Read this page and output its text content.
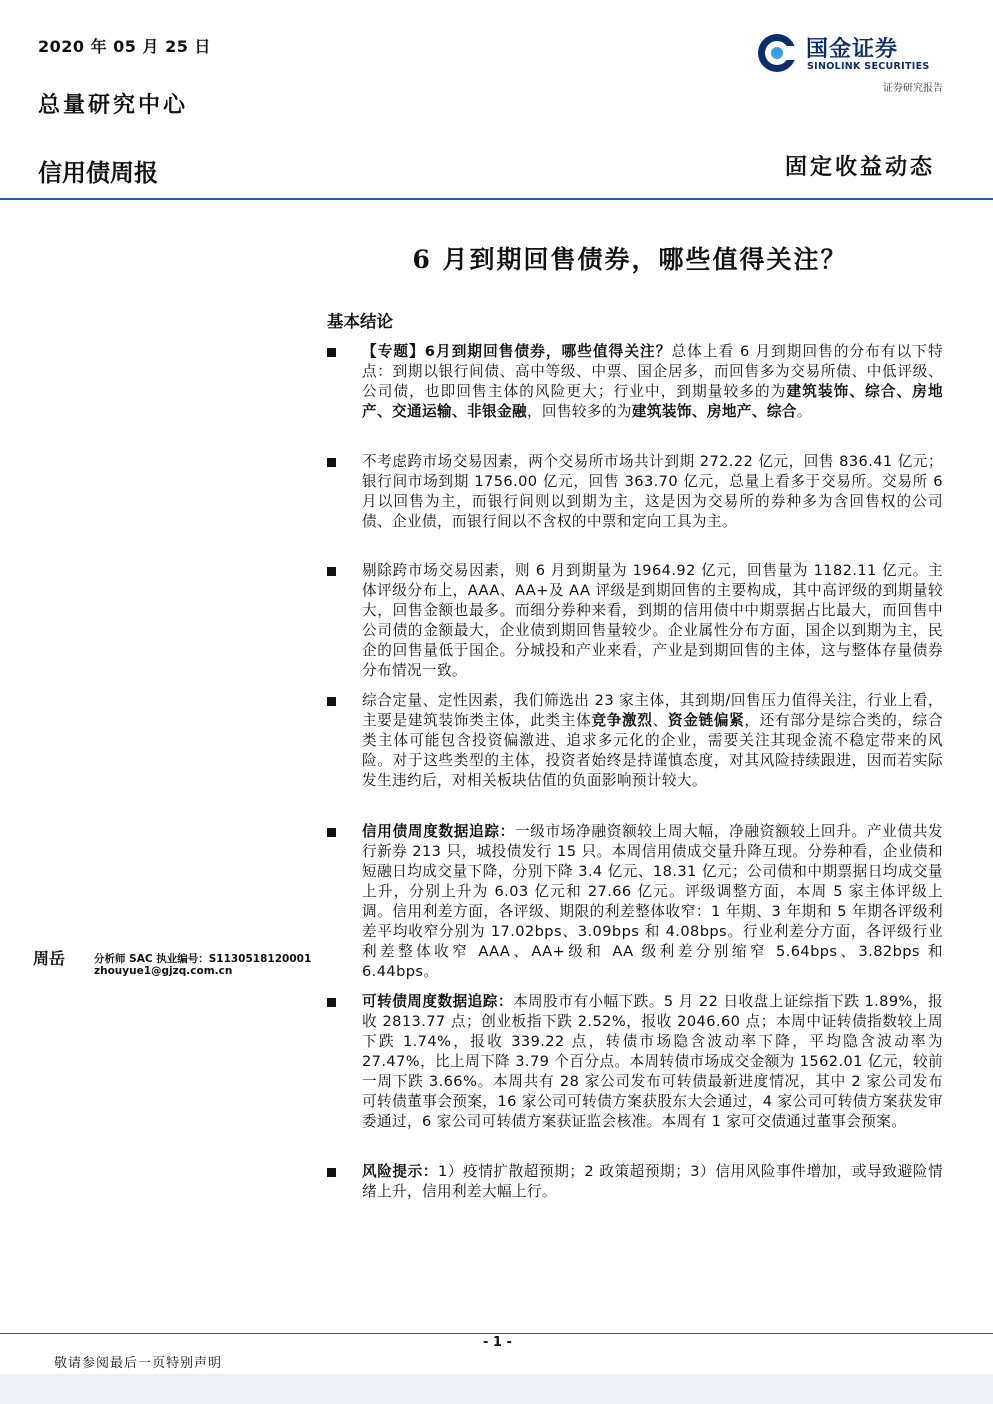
2020 年 05 月 25 日
总量研究中心
信用债周报	固定收益动态
国金证券
SINOLINK SECURITIES
证券研究报告
6 月到期回售债券，哪些值得关注？
基本结论
【专题】6月到期回售债券，哪些值得关注？总体上看 6 月到期回售的分布有以下特点：到期以银行间债、高中等级、中票、国企居多，而回售多为交易所债、中低评级、公司债，也即回售主体的风险更大；行业中，到期量较多的为建筑装饰、综合、房地产、交通运输、非银金融，回售较多的为建筑装饰、房地产、综合。
不考虑跨市场交易因素，两个交易所市场共计到期 272.22 亿元，回售 836.41 亿元；银行间市场到期 1756.00 亿元，回售 363.70 亿元，总量上看多于交易所。交易所 6 月以回售为主，而银行间则以到期为主，这是因为交易所的券种多为含回售权的公司债、企业债，而银行间以不含权的中票和定向工具为主。
剔除跨市场交易因素，则 6 月到期量为 1964.92 亿元，回售量为 1182.11 亿元。主体评级分布上，AAA、AA+及 AA 评级是到期回售的主要构成，其中高评级的到期量较大，回售金额也最多。而细分券种来看，到期的信用债中中期票据占比最大，而回售中公司债的金额最大，企业债到期回售量较少。企业属性分布方面，国企以到期为主，民企的回售量低于国企。分城投和产业来看，产业是到期回售的主体，这与整体存量债券分布情况一致。
综合定量、定性因素，我们筛选出 23 家主体，其到期/回售压力值得关注，行业上看，主要是建筑装饰类主体，此类主体竞争激烈、资金链偏紧，还有部分是综合类的，综合类主体可能包含投资偏激进、追求多元化的企业，需要关注其现金流不稳定带来的风险。对于这些类型的主体，投资者始终是持谨慎态度，对其风险持续跟进，因而若实际发生违约后，对相关板块估值的负面影响预计较大。
信用债周度数据追踪：一级市场净融资额较上周大幅，净融资额较上回升。产业债共发行新券 213 只，城投债发行 15 只。本周信用债成交量升降互现。分券种看，企业债和短融日均成交量下降，分别下降 3.4 亿元、18.31 亿元；公司债和中期票据日均成交量上升，分别上升为 6.03 亿元和 27.66 亿元。评级调整方面，本周 5 家主体评级上调。信用利差方面，各评级、期限的利差整体收窄：1 年期、3 年期和 5 年期各评级利差平均收窄分别为 17.02bps、3.09bps 和 4.08bps。行业利差分方面，各评级行业利差整体收窄 AAA、AA+级和 AA 级利差分别缩窄 5.64bps、3.82bps 和 6.44bps。
可转债周度数据追踪：本周股市有小幅下跌。5 月 22 日收盘上证综指下跌 1.89%，报收 2813.77 点；创业板指下跌 2.52%，报收 2046.60 点；本周中证转债指数较上周下跌 1.74%，报收 339.22 点，转债市场隐含波动率下降，平均隐含波动率为 27.47%，比上周下降 3.79 个百分点。本周转债市场成交金额为 1562.01 亿元，较前一周下跌 3.66%。本周共有 28 家公司发布可转债最新进度情况，其中 2 家公司发布可转债董事会预案，16 家公司可转债方案获股东大会通过，4 家公司可转债方案获发审委通过，6 家公司可转债方案获证监会核准。本周有 1 家可交债通过董事会预案。
风险提示：1）疫情扩散超预期；2 政策超预期；3）信用风险事件增加，或导致避险情绪上升，信用利差大幅上行。
周岳	分析师 SAC 执业编号：S1130518120001
zhouyue1@gjzq.com.cn
- 1 -
敬请参阅最后一页特别声明
